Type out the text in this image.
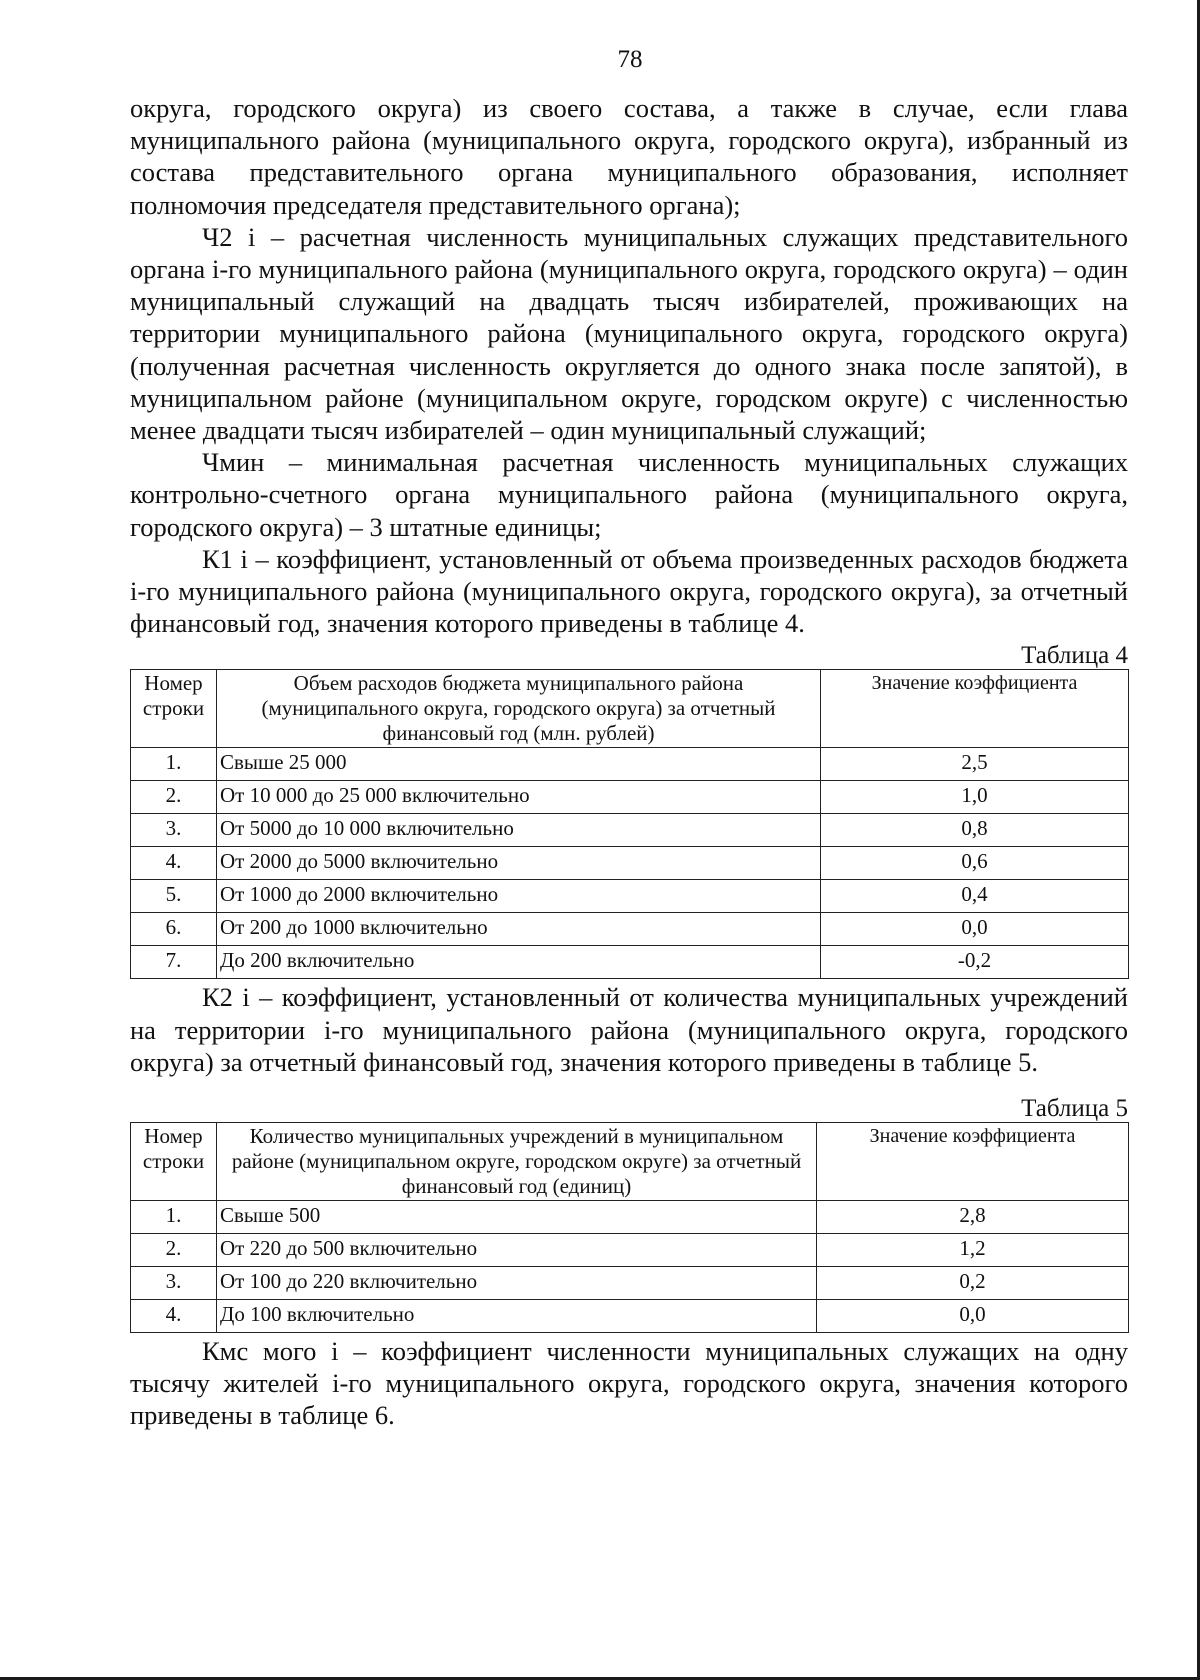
78

округа, городского округа) из своего состава, а также в случае, если глава муниципального района (муниципального округа, городского округа), избранный из состава представительного органа муниципального образования, исполняет полномочия председателя представительного органа);

Ч2 i – расчетная численность муниципальных служащих представительного органа i-го муниципального района (муниципального округа, городского округа) – один муниципальный служащий на двадцать тысяч избирателей, проживающих на территории муниципального района (муниципального округа, городского округа) (полученная расчетная численность округляется до одного знака после запятой), в муниципальном районе (муниципальном округе, городском округе) с численностью менее двадцати тысяч избирателей – один муниципальный служащий;

Чмин – минимальная расчетная численность муниципальных служащих контрольно-счетного органа муниципального района (муниципального округа, городского округа) – 3 штатные единицы;

К1 i – коэффициент, установленный от объема произведенных расходов бюджета i-го муниципального района (муниципального округа, городского округа), за отчетный финансовый год, значения которого приведены в таблице 4.

Таблица 4
Номер строки	Объем расходов бюджета муниципального района (муниципального округа, городского округа) за отчетный финансовый год (млн. рублей)	Значение коэффициента
1.	Свыше 25 000	2,5
2.	От 10 000 до 25 000 включительно	1,0
3.	От 5000 до 10 000 включительно	0,8
4.	От 2000 до 5000 включительно	0,6
5.	От 1000 до 2000 включительно	0,4
6.	От 200 до 1000 включительно	0,0
7.	До 200 включительно	-0,2

К2 i – коэффициент, установленный от количества муниципальных учреждений на территории i-го муниципального района (муниципального округа, городского округа) за отчетный финансовый год, значения которого приведены в таблице 5.

Таблица 5
Номер строки	Количество муниципальных учреждений в муниципальном районе (муниципальном округе, городском округе) за отчетный финансовый год (единиц)	Значение коэффициента
1.	Свыше 500	2,8
2.	От 220 до 500 включительно	1,2
3.	От 100 до 220 включительно	0,2
4.	До 100 включительно	0,0

Кмс мого i – коэффициент численности муниципальных служащих на одну тысячу жителей i-го муниципального округа, городского округа, значения которого приведены в таблице 6.
